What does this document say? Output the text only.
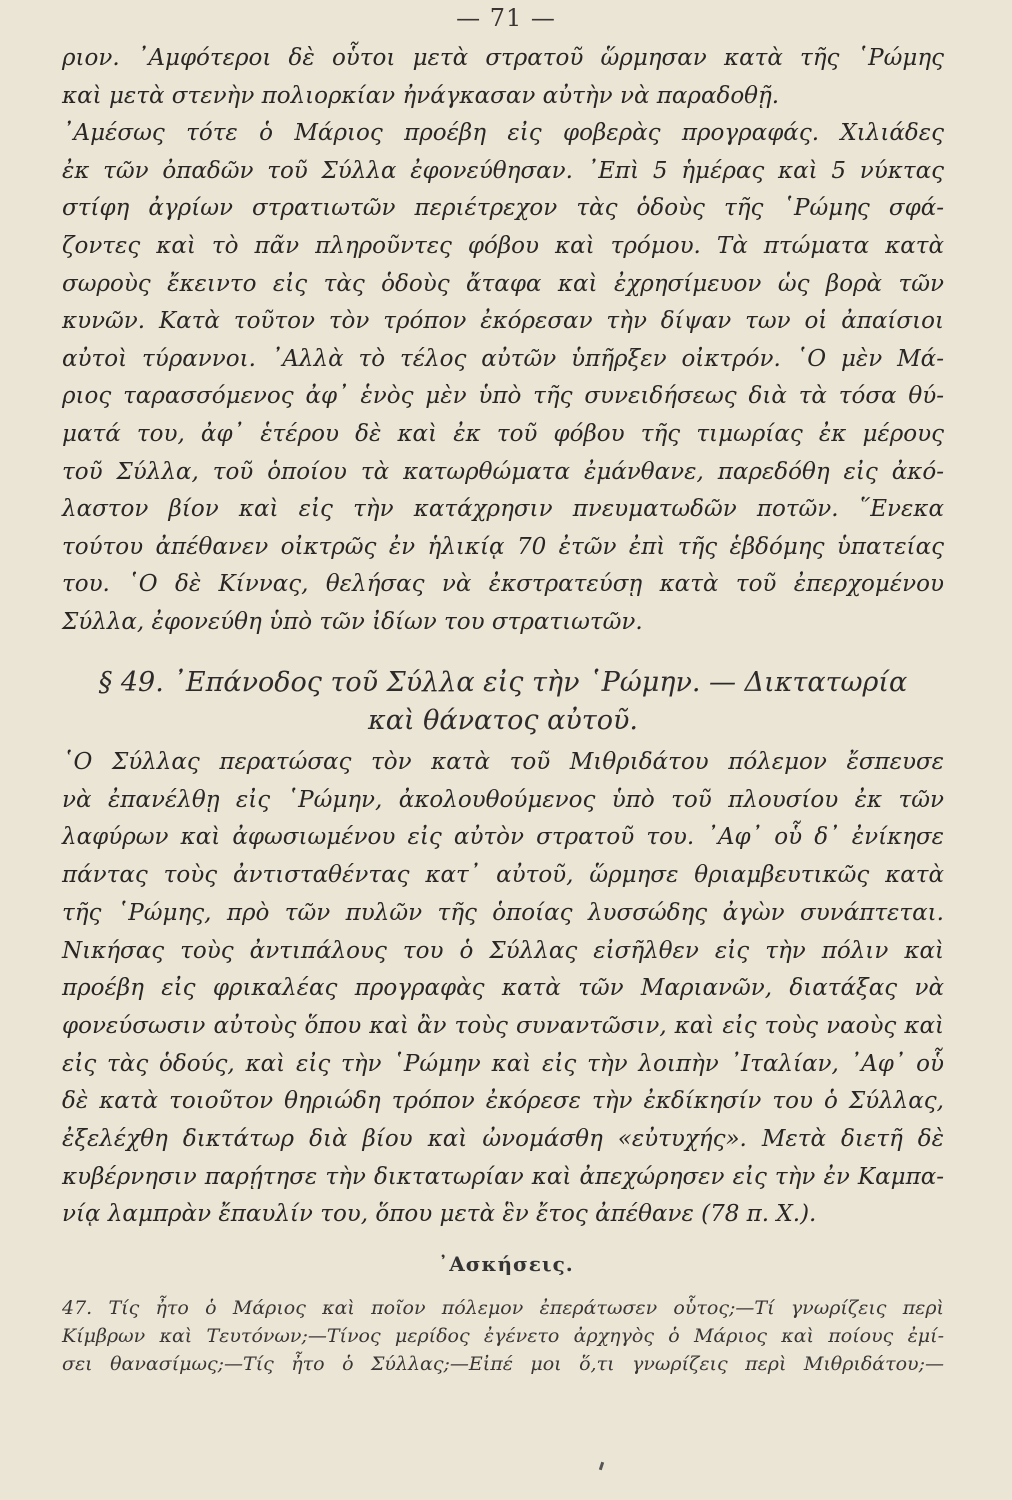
— 71 —
ριον. ᾿Αμφότεροι δὲ οὗτοι μετὰ στρατοῦ ὥρμησαν κατὰ τῆς ῾Ρώμης
καὶ μετὰ στενὴν πολιορκίαν ἠνάγκασαν αὐτὴν νὰ παραδοθῇ.
᾿Αμέσως τότε ὁ Μάριος προέβη εἰς φοβερὰς προγραφάς. Χιλιάδες
ἐκ τῶν ὀπαδῶν τοῦ Σύλλα ἐφονεύθησαν. ᾿Επὶ 5 ἡμέρας καὶ 5 νύκτας
στίφη ἀγρίων στρατιωτῶν περιέτρεχον τὰς ὁδοὺς τῆς ῾Ρώμης σφά-
ζοντες καὶ τὸ πᾶν πληροῦντες φόβου καὶ τρόμου. Τὰ πτώματα κατὰ
σωροὺς ἔκειντο εἰς τὰς ὁδοὺς ἄταφα καὶ ἐχρησίμευον ὡς βορὰ τῶν
κυνῶν. Κατὰ τοῦτον τὸν τρόπον ἐκόρεσαν τὴν δίψαν των οἱ ἀπαίσιοι
αὐτοὶ τύραννοι. ᾿Αλλὰ τὸ τέλος αὐτῶν ὑπῆρξεν οἰκτρόν. ῾Ο μὲν Μά-
ριος ταρασσόμενος ἀφ᾿ ἑνὸς μὲν ὑπὸ τῆς συνειδήσεως διὰ τὰ τόσα θύ-
ματά του, ἀφ᾿ ἑτέρου δὲ καὶ ἐκ τοῦ φόβου τῆς τιμωρίας ἐκ μέρους
τοῦ Σύλλα, τοῦ ὁποίου τὰ κατωρθώματα ἐμάνθανε, παρεδόθη εἰς ἀκό-
λαστον βίον καὶ εἰς τὴν κατάχρησιν πνευματωδῶν ποτῶν. ῞Ενεκα
τούτου ἀπέθανεν οἰκτρῶς ἐν ἡλικίᾳ 70 ἐτῶν ἐπὶ τῆς ἑβδόμης ὑπατείας
του. ῾Ο δὲ Κίννας, θελήσας νὰ ἐκστρατεύσῃ κατὰ τοῦ ἐπερχομένου
Σύλλα, ἐφονεύθη ὑπὸ τῶν ἰδίων του στρατιωτῶν.
§ 49. ᾿Επάνοδος τοῦ Σύλλα εἰς τὴν ῾Ρώμην. — Δικτατωρία
καὶ θάνατος αὐτοῦ.
῾Ο Σύλλας περατώσας τὸν κατὰ τοῦ Μιθριδάτου πόλεμον ἔσπευσε
νὰ ἐπανέλθῃ εἰς ῾Ρώμην, ἀκολουθούμενος ὑπὸ τοῦ πλουσίου ἐκ τῶν
λαφύρων καὶ ἀφωσιωμένου εἰς αὐτὸν στρατοῦ του. ᾿Αφ᾿ οὗ δ᾿ ἐνίκησε
πάντας τοὺς ἀντισταθέντας κατ᾿ αὐτοῦ, ὥρμησε θριαμβευτικῶς κατὰ
τῆς ῾Ρώμης, πρὸ τῶν πυλῶν τῆς ὁποίας λυσσώδης ἀγὼν συνάπτεται.
Νικήσας τοὺς ἀντιπάλους του ὁ Σύλλας εἰσῆλθεν εἰς τὴν πόλιν καὶ
προέβη εἰς φρικαλέας προγραφὰς κατὰ τῶν Μαριανῶν, διατάξας νὰ
φονεύσωσιν αὐτοὺς ὅπου καὶ ἂν τοὺς συναντῶσιν, καὶ εἰς τοὺς ναοὺς καὶ
εἰς τὰς ὁδούς, καὶ εἰς τὴν ῾Ρώμην καὶ εἰς τὴν λοιπὴν ᾿Ιταλίαν, ᾿Αφ᾿ οὗ
δὲ κατὰ τοιοῦτον θηριώδη τρόπον ἐκόρεσε τὴν ἐκδίκησίν του ὁ Σύλλας,
ἐξελέχθη δικτάτωρ διὰ βίου καὶ ὠνομάσθη «εὐτυχής». Μετὰ διετῆ δὲ
κυβέρνησιν παρῄτησε τὴν δικτατωρίαν καὶ ἀπεχώρησεν εἰς τὴν ἐν Καμπα-
νίᾳ λαμπρὰν ἔπαυλίν του, ὅπου μετὰ ἓν ἔτος ἀπέθανε (78 π. Χ.).
᾿Ασκήσεις.
47. Τίς ἦτο ὁ Μάριος καὶ ποῖον πόλεμον ἐπεράτωσεν οὗτος;—Τί γνωρίζεις περὶ
Κίμβρων καὶ Τευτόνων;—Τίνος μερίδος ἐγένετο ἀρχηγὸς ὁ Μάριος καὶ ποίους ἐμί-
σει θανασίμως;—Τίς ἦτο ὁ Σύλλας;—Εἰπέ μοι ὅ,τι γνωρίζεις περὶ Μιθριδάτου;—
